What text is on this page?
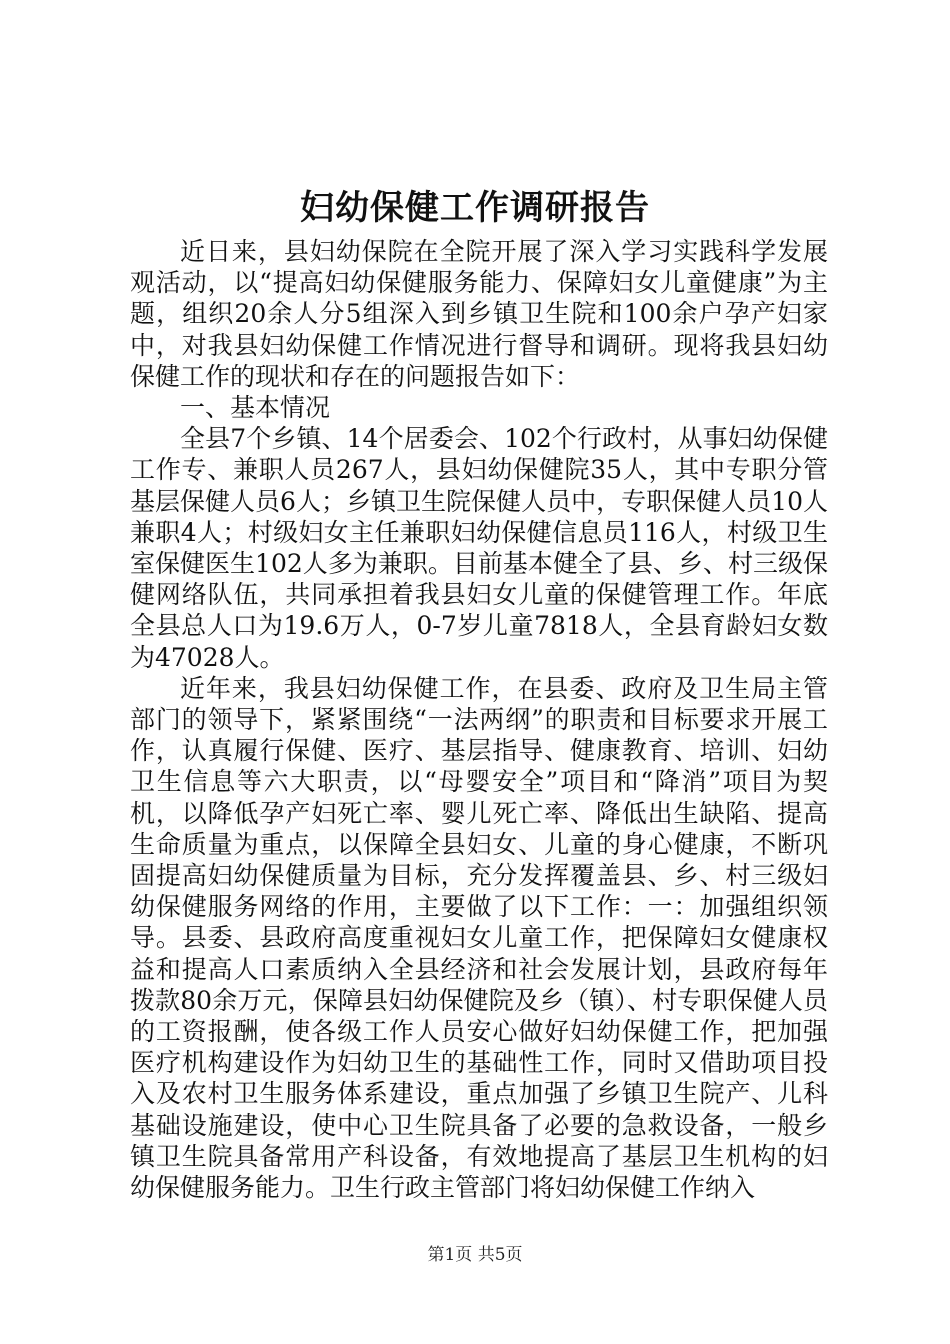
妇幼保健工作调研报告

近日来，县妇幼保院在全院开展了深入学习实践科学发展观活动，以“提高妇幼保健服务能力、保障妇女儿童健康”为主题，组织20余人分5组深入到乡镇卫生院和100余户孕产妇家中，对我县妇幼保健工作情况进行督导和调研。现将我县妇幼保健工作的现状和存在的问题报告如下：

一、基本情况

全县7个乡镇、14个居委会、102个行政村，从事妇幼保健工作专、兼职人员267人，县妇幼保健院35人，其中专职分管基层保健人员6人；乡镇卫生院保健人员中，专职保健人员10人兼职4人；村级妇女主任兼职妇幼保健信息员116人，村级卫生室保健医生102人多为兼职。目前基本健全了县、乡、村三级保健网络队伍，共同承担着我县妇女儿童的保健管理工作。年底全县总人口为19.6万人，0-7岁儿童7818人，全县育龄妇女数为47028人。

近年来，我县妇幼保健工作，在县委、政府及卫生局主管部门的领导下，紧紧围绕“一法两纲”的职责和目标要求开展工作，认真履行保健、医疗、基层指导、健康教育、培训、妇幼卫生信息等六大职责，以“母婴安全”项目和“降消”项目为契机，以降低孕产妇死亡率、婴儿死亡率、降低出生缺陷、提高生命质量为重点，以保障全县妇女、儿童的身心健康，不断巩固提高妇幼保健质量为目标，充分发挥覆盖县、乡、村三级妇幼保健服务网络的作用，主要做了以下工作：一：加强组织领导。县委、县政府高度重视妇女儿童工作，把保障妇女健康权益和提高人口素质纳入全县经济和社会发展计划，县政府每年拨款80余万元，保障县妇幼保健院及乡（镇）、村专职保健人员的工资报酬，使各级工作人员安心做好妇幼保健工作，把加强医疗机构建设作为妇幼卫生的基础性工作，同时又借助项目投入及农村卫生服务体系建设，重点加强了乡镇卫生院产、儿科基础设施建设，使中心卫生院具备了必要的急救设备，一般乡镇卫生院具备常用产科设备，有效地提高了基层卫生机构的妇幼保健服务能力。卫生行政主管部门将妇幼保健工作纳入

第1页 共5页
